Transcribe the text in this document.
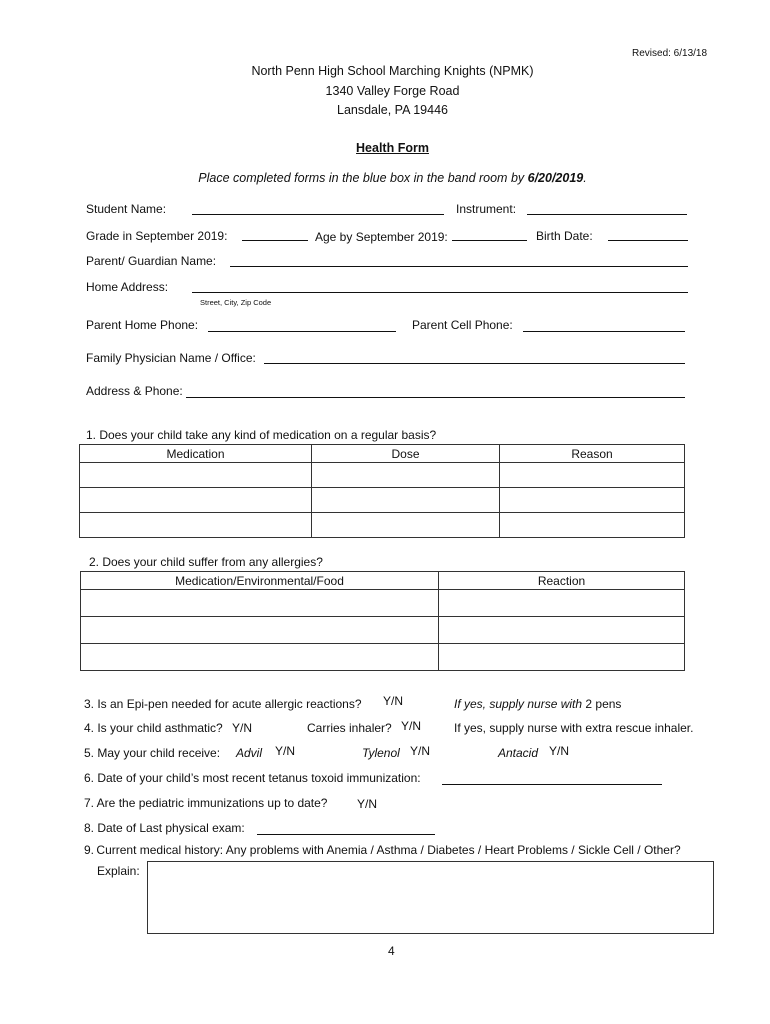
Revised: 6/13/18
North Penn High School Marching Knights (NPMK)
1340 Valley Forge Road
Lansdale, PA 19446
Health Form
Place completed forms in the blue box in the band room by 6/20/2019.
Student Name:	Instrument:
Grade in September 2019:	Age by September 2019:	Birth Date:
Parent/ Guardian Name:
Home Address:
Street, City, Zip Code
Parent Home Phone:	Parent Cell Phone:
Family Physician Name / Office:
Address & Phone:
1. Does your child take any kind of medication on a regular basis?
Medication	Dose	Reason

2. Does your child suffer from any allergies?
Medication/Environmental/Food	Reaction

3. Is an Epi-pen needed for acute allergic reactions? Y/N	If yes, supply nurse with 2 pens
4. Is your child asthmatic? Y/N	Carries inhaler? Y/N	If yes, supply nurse with extra rescue inhaler.
5. May your child receive: Advil Y/N	Tylenol Y/N	Antacid Y/N
6. Date of your child’s most recent tetanus toxoid immunization:
7. Are the pediatric immunizations up to date? Y/N
8. Date of Last physical exam:
9. Current medical history: Any problems with Anemia / Asthma / Diabetes / Heart Problems / Sickle Cell / Other?
Explain:
4
